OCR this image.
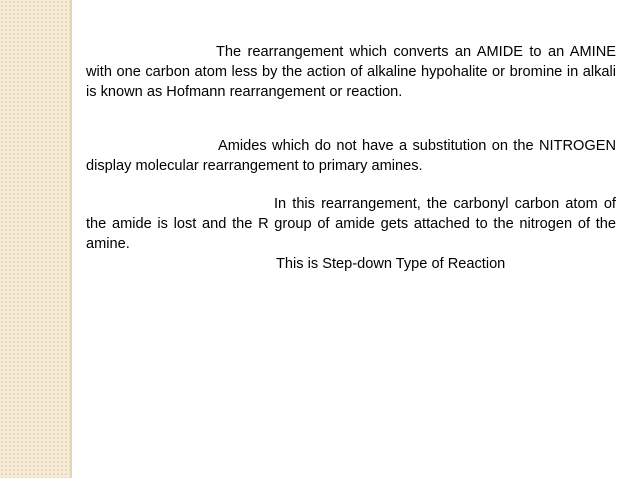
The rearrangement which converts an AMIDE to an AMINE with one carbon atom less by the action of alkaline hypohalite or bromine in alkali is known as Hofmann rearrangement or reaction.

Amides which do not have a substitution on the NITROGEN display molecular rearrangement to primary amines.

In this rearrangement, the carbonyl carbon atom of the amide is lost and the R group of amide gets attached to the nitrogen of the amine.

This is Step-down Type of Reaction
